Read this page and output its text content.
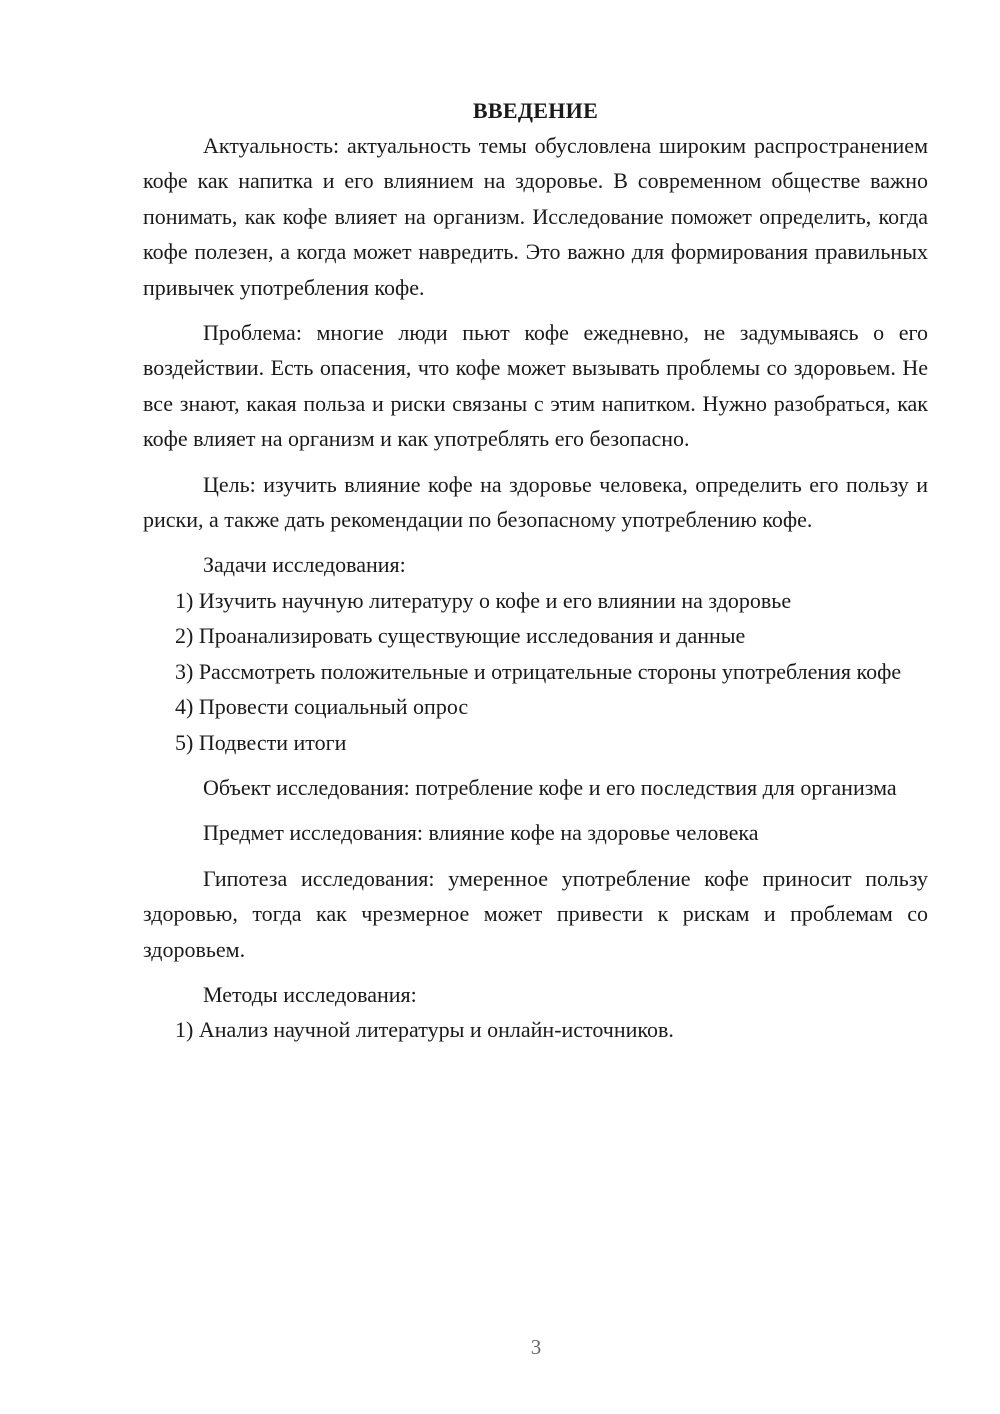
ВВЕДЕНИЕ

Актуальность: актуальность темы обусловлена широким распространением кофе как напитка и его влиянием на здоровье. В современном обществе важно понимать, как кофе влияет на организм. Исследование поможет определить, когда кофе полезен, а когда может навредить. Это важно для формирования правильных привычек употребления кофе.

Проблема: многие люди пьют кофе ежедневно, не задумываясь о его воздействии. Есть опасения, что кофе может вызывать проблемы со здоровьем. Не все знают, какая польза и риски связаны с этим напитком. Нужно разобраться, как кофе влияет на организм и как употреблять его безопасно.

Цель: изучить влияние кофе на здоровье человека, определить его пользу и риски, а также дать рекомендации по безопасному употреблению кофе.

Задачи исследования:

1) Изучить научную литературу о кофе и его влиянии на здоровье

2) Проанализировать существующие исследования и данные

3) Рассмотреть положительные и отрицательные стороны употребления кофе

4) Провести социальный опрос

5) Подвести итоги

Объект исследования: потребление кофе и его последствия для организма

Предмет исследования: влияние кофе на здоровье человека

Гипотеза исследования: умеренное употребление кофе приносит пользу здоровью, тогда как чрезмерное может привести к рискам и проблемам со здоровьем.

Методы исследования:

1) Анализ научной литературы и онлайн-источников.

3
